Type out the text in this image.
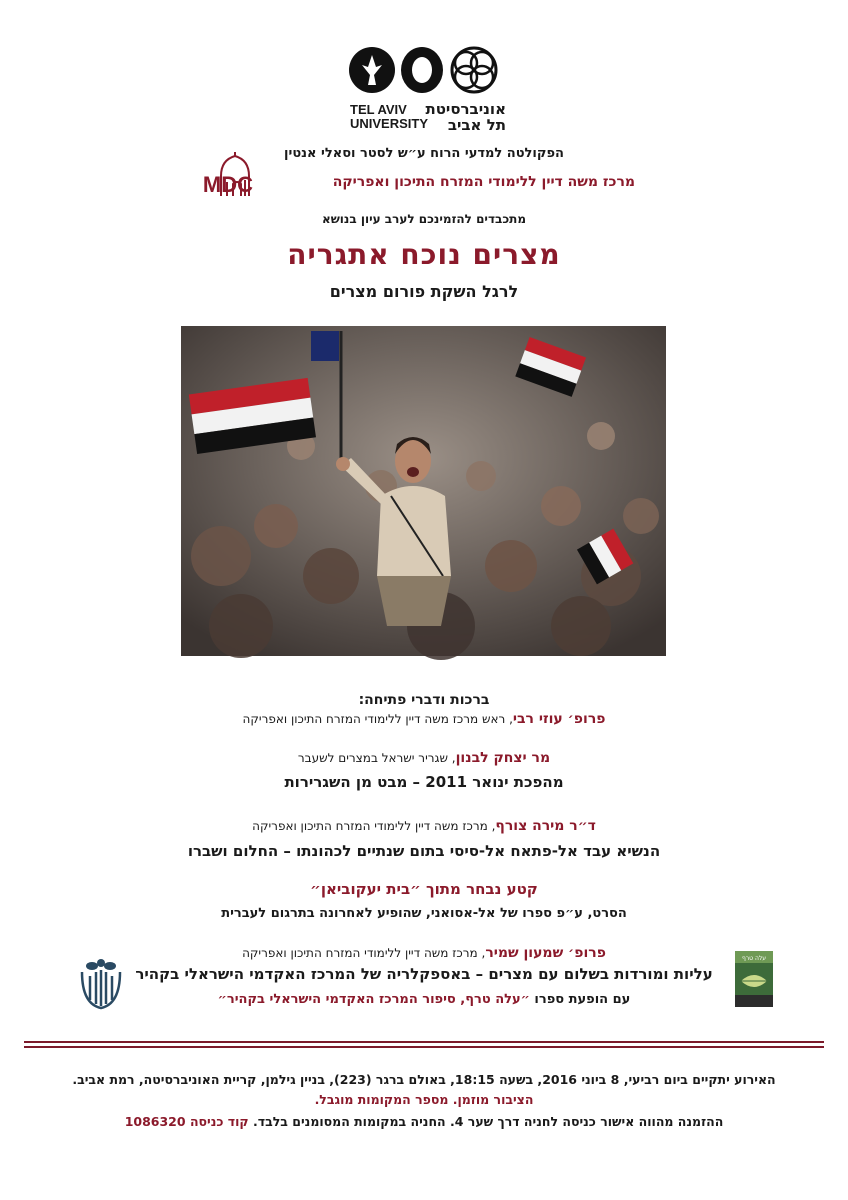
TEL AVIV
UNIVERSITY
אוניברסיטת
תל אביב
הפקולטה למדעי הרוח ע״ש לסטר וסאלי אנטין
MDC	מרכז משה דיין ללימודי המזרח התיכון ואפריקה
מתכבדים להזמינכם לערב עיון בנושא
מצרים נוכח אתגריה
לרגל השקת פורום מצרים
ברכות ודברי פתיחה:
פרופ׳ עוזי רבי, ראש מרכז משה דיין ללימודי המזרח התיכון ואפריקה
מר יצחק לבנון, שגריר ישראל במצרים לשעבר
מהפכת ינואר 2011 – מבט מן השגרירות
ד״ר מירה צורף, מרכז משה דיין ללימודי המזרח התיכון ואפריקה
הנשיא עבד אל-פתאח אל-סיסי בתום שנתיים לכהונתו – החלום ושברו
קטע נבחר מתוך ״בית יעקוביאן״
הסרט, ע״פ ספרו של אל-אסואני, שהופיע לאחרונה בתרגום לעברית
פרופ׳ שמעון שמיר, מרכז משה דיין ללימודי המזרח התיכון ואפריקה
עליות ומורדות בשלום עם מצרים – באספקלריה של המרכז האקדמי הישראלי בקהיר
עם הופעת ספרו ״עלה טרף, סיפור המרכז האקדמי הישראלי בקהיר״
עלה טרף
האירוע יתקיים ביום רביעי, 8 ביוני 2016, בשעה 18:15, באולם ברגר (223), בניין גילמן, קריית האוניברסיטה, רמת אביב.
הציבור מוזמן. מספר המקומות מוגבל.
ההזמנה מהווה אישור כניסה לחניה דרך שער 4. החניה במקומות המסומנים בלבד. קוד כניסה 1086320
